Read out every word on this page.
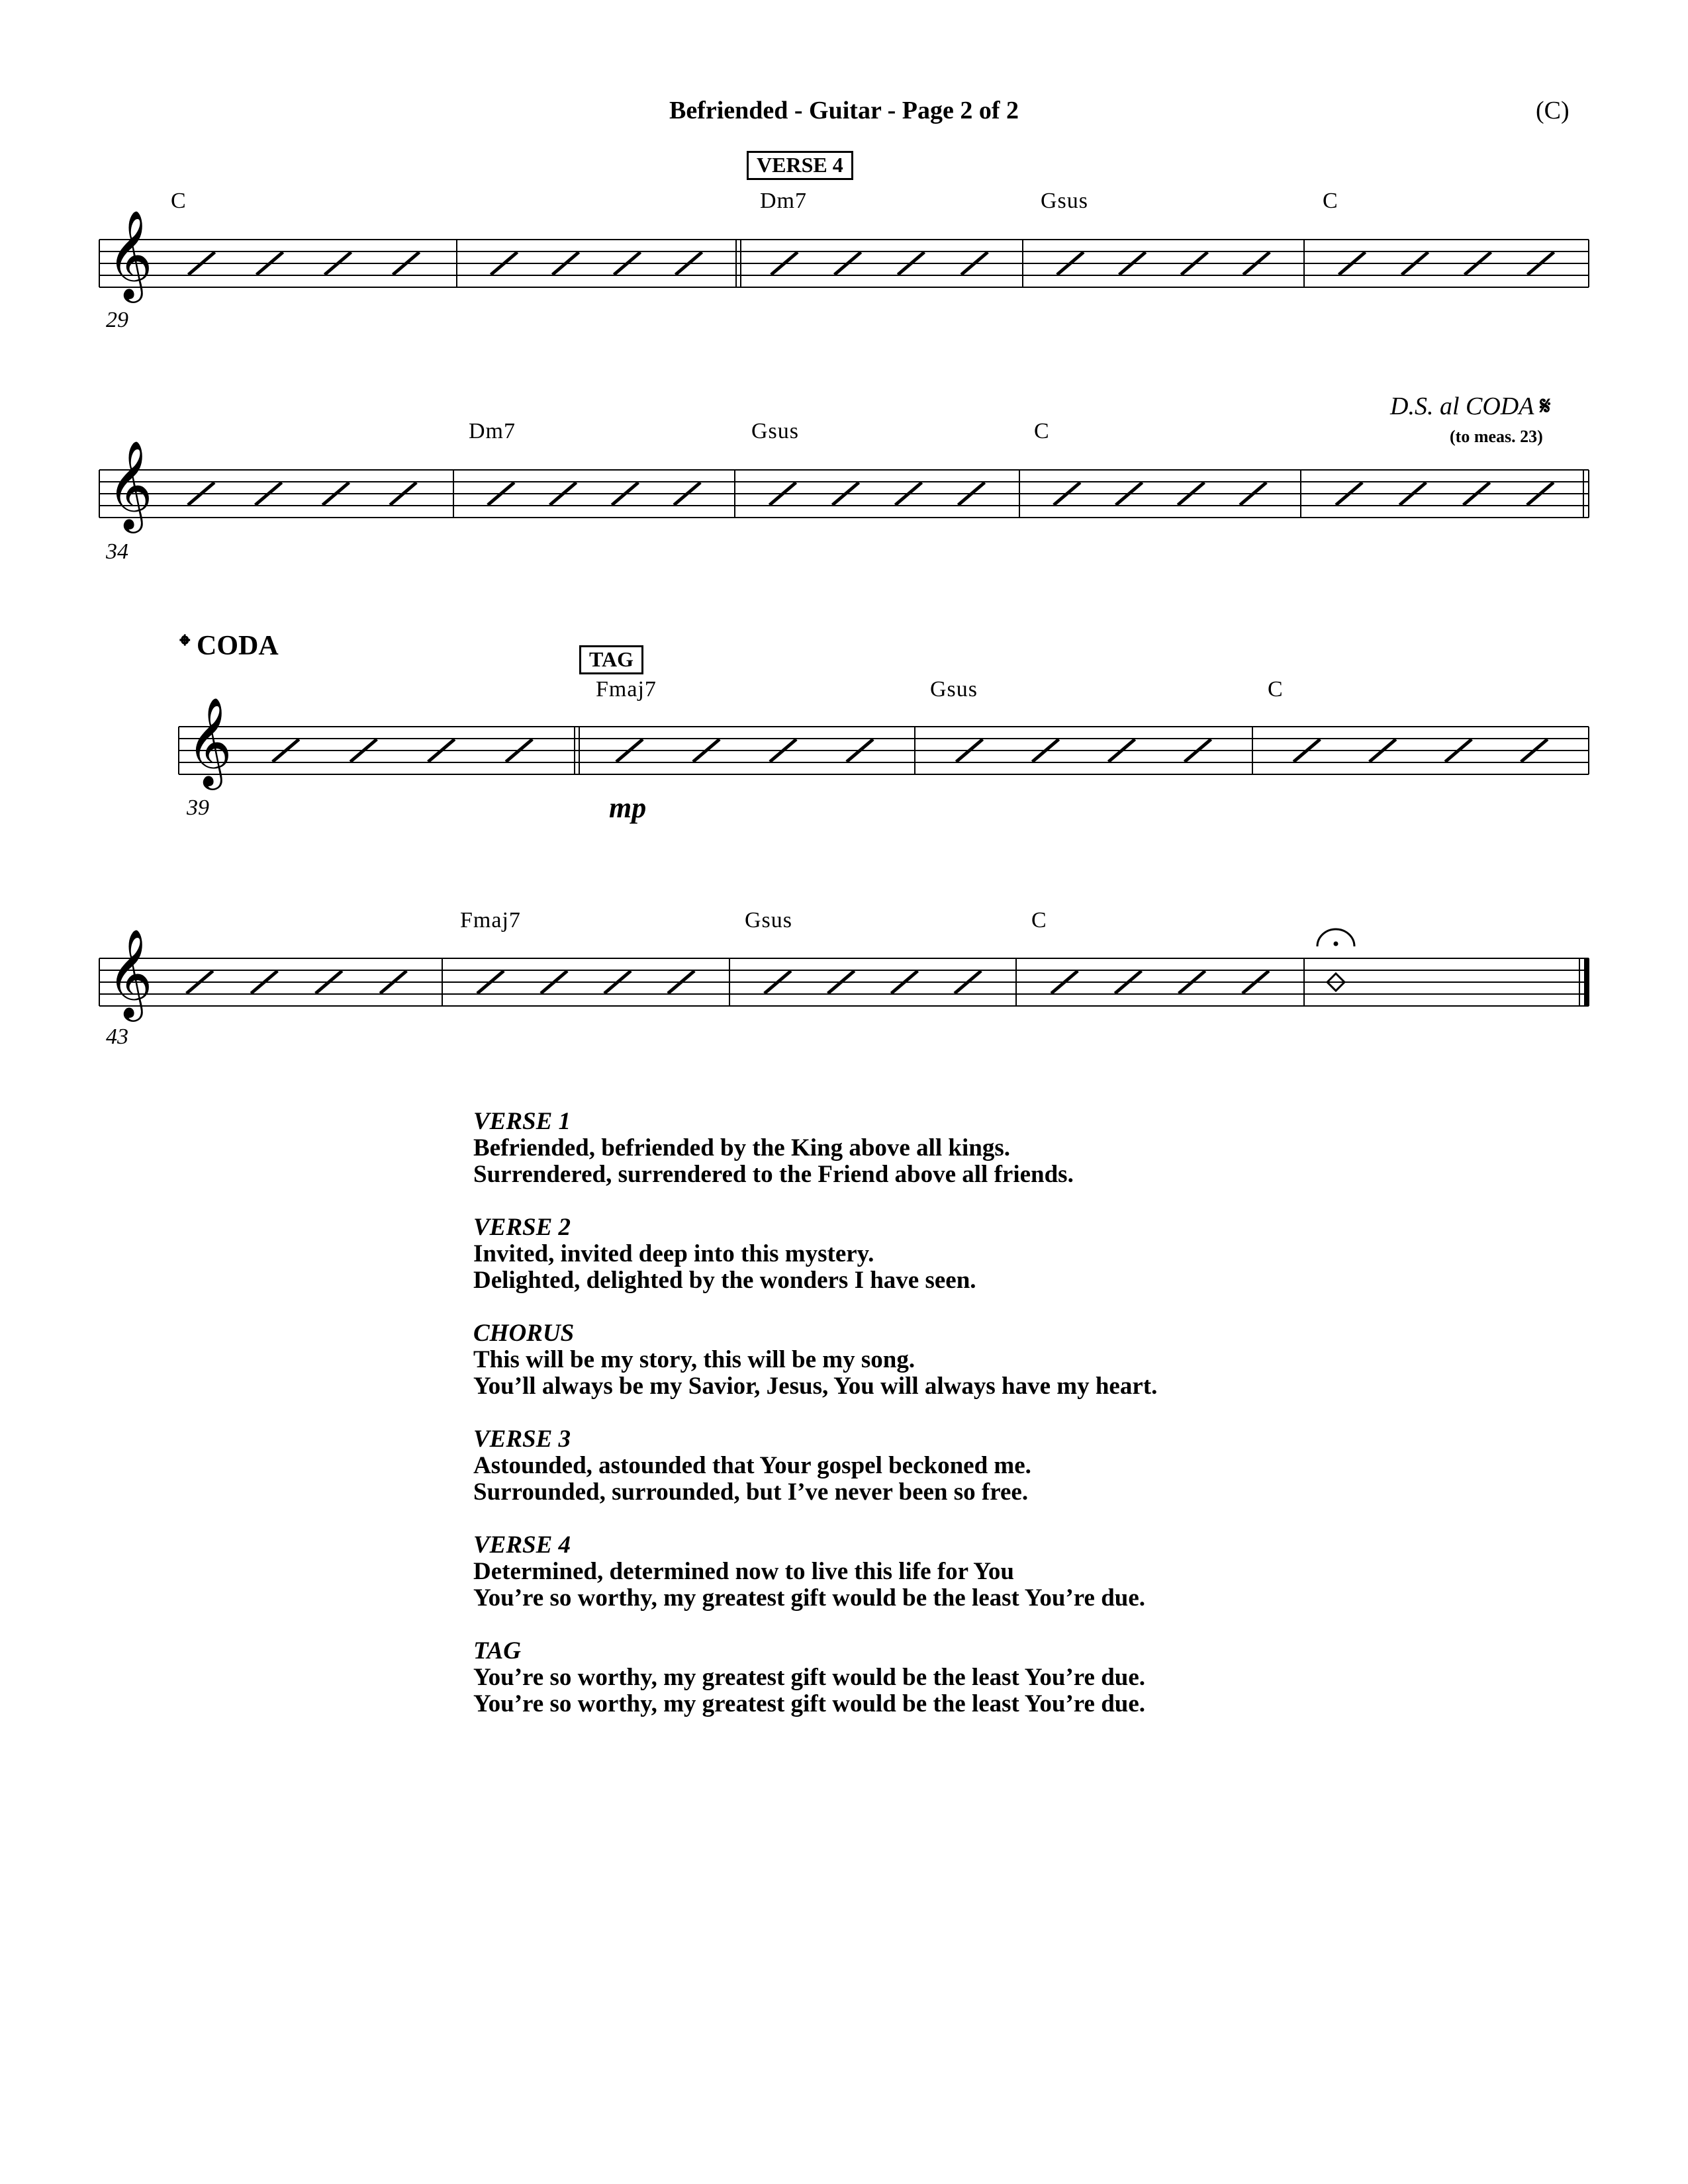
Befriended - Guitar - Page 2 of 2	(C)
𝄞
𝄞
𝄞
𝄞
VERSE 4
C	Dm7	Gsus	C
29
D.S. al CODA 𝄋
(to meas. 23)
Dm7	Gsus	C
34
𝄌 CODA	TAG
Fmaj7	Gsus	C
mp
39
Fmaj7	Gsus	C
43
VERSE 1
Befriended, befriended by the King above all kings.
Surrendered, surrendered to the Friend above all friends.
VERSE 2
Invited, invited deep into this mystery.
Delighted, delighted by the wonders I have seen.
CHORUS
This will be my story, this will be my song.
You’ll always be my Savior, Jesus, You will always have my heart.
VERSE 3
Astounded, astounded that Your gospel beckoned me.
Surrounded, surrounded, but I’ve never been so free.
VERSE 4
Determined, determined now to live this life for You
You’re so worthy, my greatest gift would be the least You’re due.
TAG
You’re so worthy, my greatest gift would be the least You’re due.
You’re so worthy, my greatest gift would be the least You’re due.
